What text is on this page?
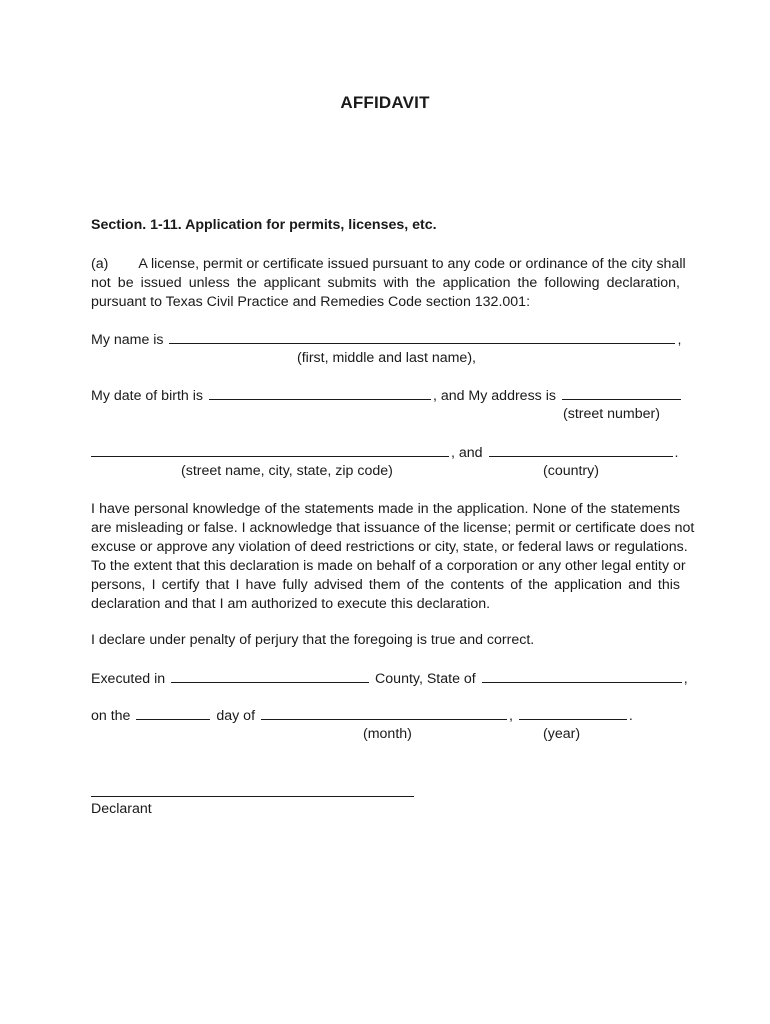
AFFIDAVIT
Section. 1-11. Application for permits, licenses, etc.
(a) A license, permit or certificate issued pursuant to any code or ordinance of the city shall
not be issued unless the applicant submits with the application the following declaration,
pursuant to Texas Civil Practice and Remedies Code section 132.001:
My name is	,
(first, middle and last name),
My date of birth is	, and My address is
(street number)
, and	.
(street name, city, state, zip code)	(country)
I have personal knowledge of the statements made in the application. None of the statements
are misleading or false. I acknowledge that issuance of the license; permit or certificate does not
excuse or approve any violation of deed restrictions or city, state, or federal laws or regulations.
To the extent that this declaration is made on behalf of a corporation or any other legal entity or
persons, I certify that I have fully advised them of the contents of the application and this
declaration and that I am authorized to execute this declaration.
I declare under penalty of perjury that the foregoing is true and correct.
Executed in	County, State of	,
on the	day of	,	.
(month)	(year)
Declarant
